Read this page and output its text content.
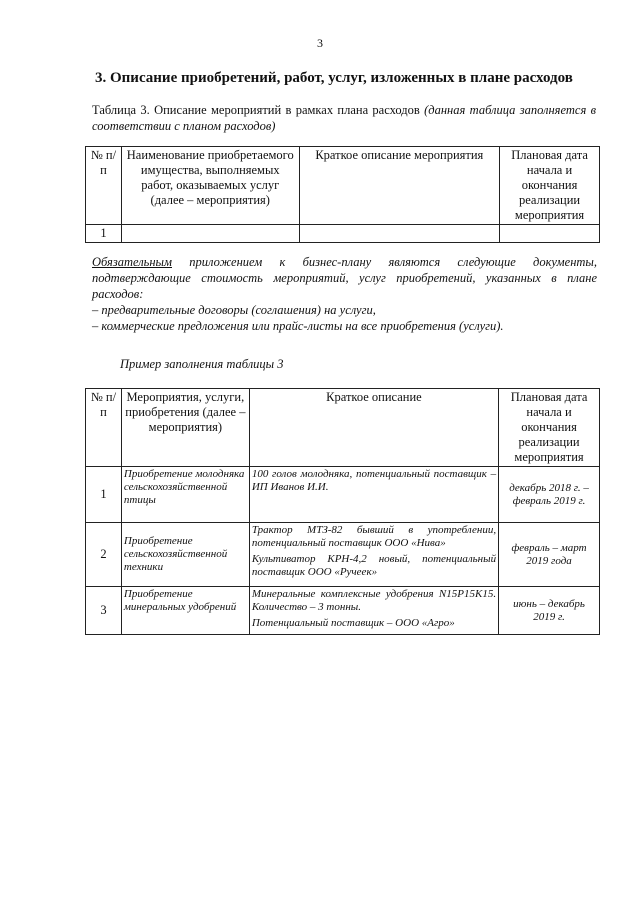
3
3. Описание приобретений, работ, услуг, изложенных в плане расходов
Таблица 3. Описание мероприятий в рамках плана расходов (данная таблица заполняется в соответствии с планом расходов)
№ п/п	Наименование приобретаемого имущества, выполняемых работ, оказываемых услуг (далее – мероприятия)	Краткое описание мероприятия	Плановая дата начала и окончания реализации мероприятия
1			

Обязательным приложением к бизнес-плану являются следующие документы, подтверждающие стоимость мероприятий, услуг приобретений, указанных в плане расходов:

– предварительные договоры (соглашения) на услуги,

– коммерческие предложения или прайс-листы на все приобретения (услуги).

Пример заполнения таблицы 3
№ п/п	Мероприятия, услуги, приобретения (далее – мероприятия)	Краткое описание	Плановая дата начала и окончания реализации мероприятия
1	Приобретение молодняка сельскохозяйственной птицы	100 голов молодняка, потенциальный поставщик – ИП Иванов И.И.	декабрь 2018 г. – февраль 2019 г.
2	Приобретение сельскохозяйственной техники	Трактор МТЗ-82 бывший в употреблении, потенциальный поставщик ООО «Нива»

Культиватор КРН-4,2 новый, потенциальный поставщик ООО «Ручеек»	февраль – март 2019 года
3	Приобретение минеральных удобрений	Минеральные комплексные удобрения N15P15K15. Количество – 3 тонны.

Потенциальный поставщик – ООО «Агро»	июнь – декабрь 2019 г.
